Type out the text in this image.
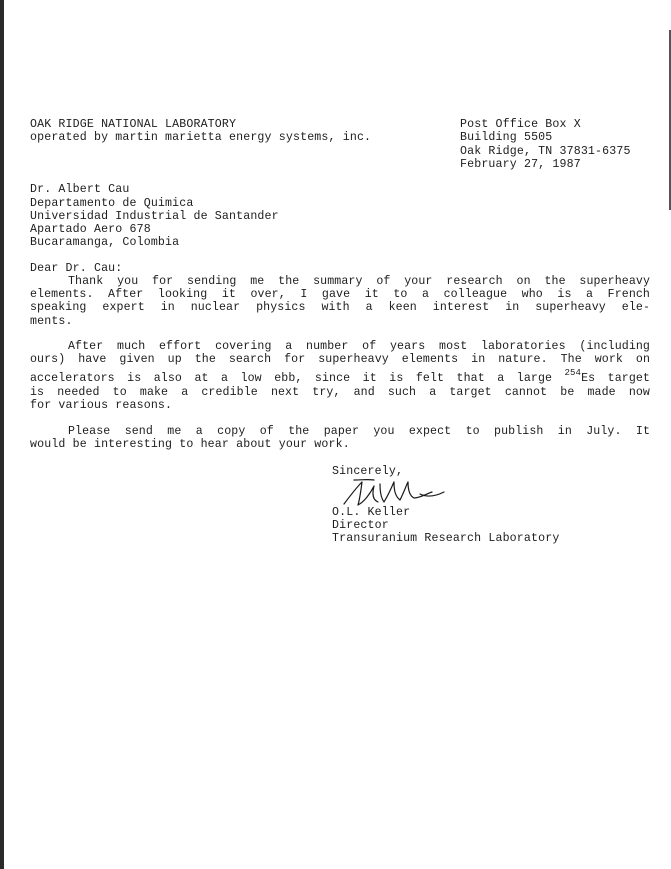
OAK RIDGE NATIONAL LABORATORY
operated by martin marietta energy systems, inc.
Post Office Box X
Building 5505
Oak Ridge, TN 37831-6375
February 27, 1987
Dr. Albert Cau
Departamento de Quimica
Universidad Industrial de Santander
Apartado Aero 678
Bucaramanga, Colombia
Dear Dr. Cau:
Thank you for sending me the summary of your research on the superheavy
elements. After looking it over, I gave it to a colleague who is a French
speaking expert in nuclear physics with a keen interest in superheavy ele-
ments.
After much effort covering a number of years most laboratories (including
ours) have given up the search for superheavy elements in nature. The work on
accelerators is also at a low ebb, since it is felt that a large $^{254}$Es target
is needed to make a credible next try, and such a target cannot be made now
for various reasons.
Please send me a copy of the paper you expect to publish in July. It
would be interesting to hear about your work.
Sincerely,
O.L. Keller
Director
Transuranium Research Laboratory
